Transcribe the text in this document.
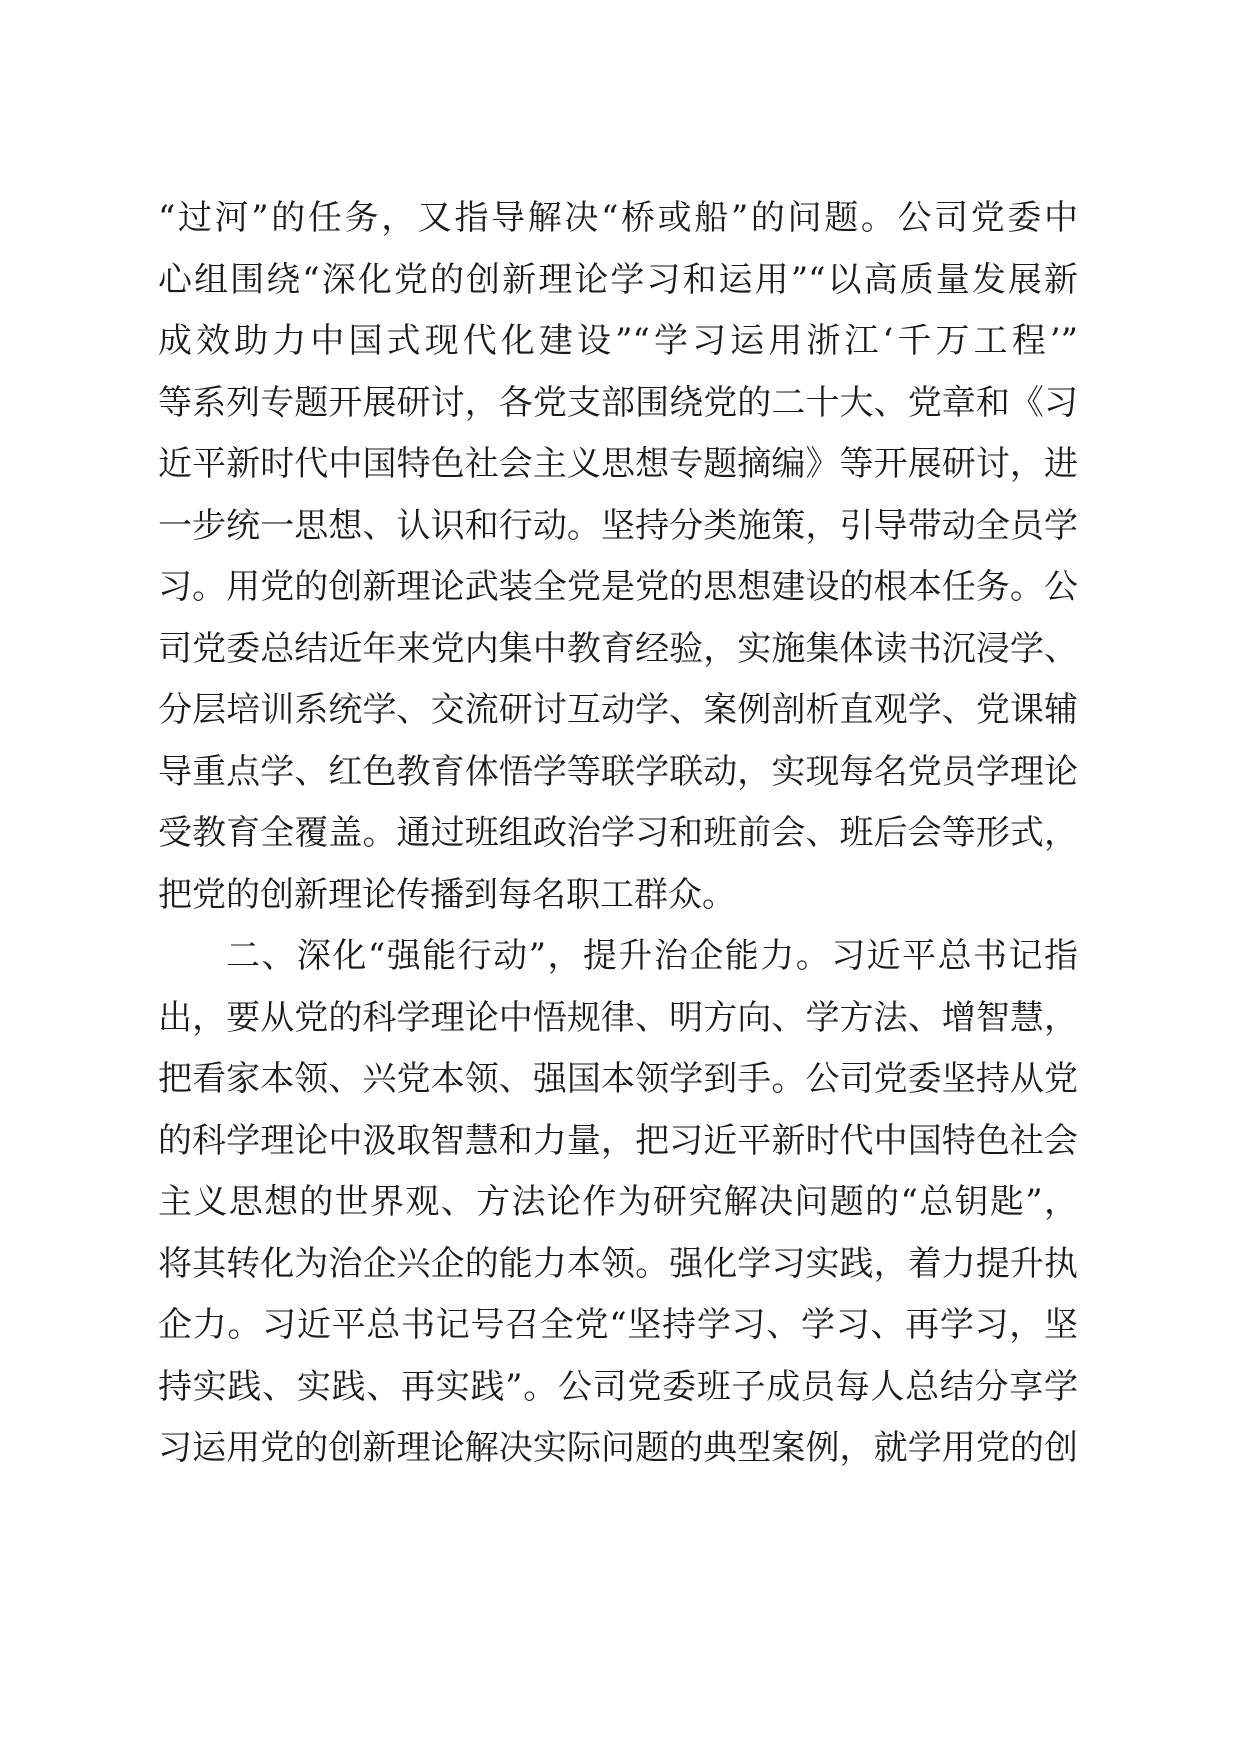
“过河”的任务，又指导解决“桥或船”的问题。公司党委中
心组围绕“深化党的创新理论学习和运用”“以高质量发展新
成效助力中国式现代化建设”“学习运用浙江‘千万工程’”
等系列专题开展研讨，各党支部围绕党的二十大、党章和《习
近平新时代中国特色社会主义思想专题摘编》等开展研讨，进
一步统一思想、认识和行动。坚持分类施策，引导带动全员学
习。用党的创新理论武装全党是党的思想建设的根本任务。公
司党委总结近年来党内集中教育经验，实施集体读书沉浸学、
分层培训系统学、交流研讨互动学、案例剖析直观学、党课辅
导重点学、红色教育体悟学等联学联动，实现每名党员学理论
受教育全覆盖。通过班组政治学习和班前会、班后会等形式，
把党的创新理论传播到每名职工群众。
二、深化“强能行动”，提升治企能力。习近平总书记指
出，要从党的科学理论中悟规律、明方向、学方法、增智慧，
把看家本领、兴党本领、强国本领学到手。公司党委坚持从党
的科学理论中汲取智慧和力量，把习近平新时代中国特色社会
主义思想的世界观、方法论作为研究解决问题的“总钥匙”，
将其转化为治企兴企的能力本领。强化学习实践，着力提升执
企力。习近平总书记号召全党“坚持学习、学习、再学习，坚
持实践、实践、再实践”。公司党委班子成员每人总结分享学
习运用党的创新理论解决实际问题的典型案例，就学用党的创
